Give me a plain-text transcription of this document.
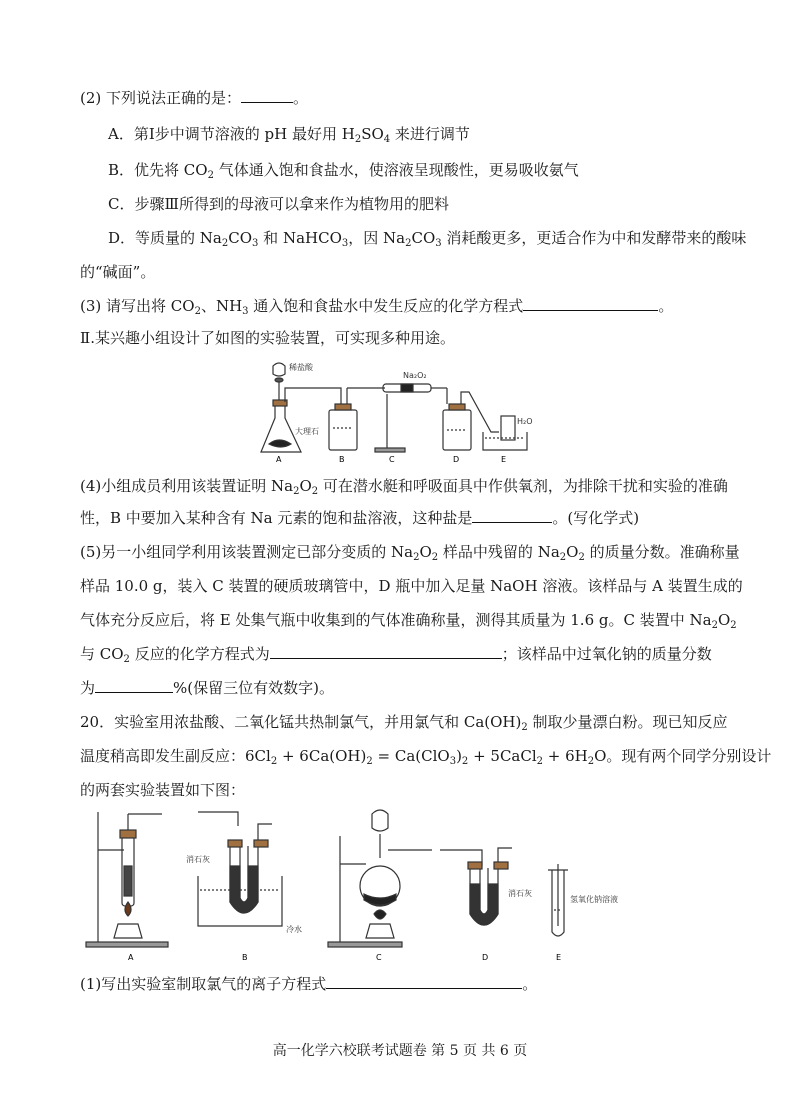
(2) 下列说法正确的是：	。
A．第Ⅰ步中调节溶液的 pH 最好用 $H_2SO_4$ 来进行调节
B．优先将 $CO_2$ 气体通入饱和食盐水，使溶液呈现酸性，更易吸收氨气
C．步骤Ⅲ所得到的母液可以拿来作为植物用的肥料
D．等质量的 $Na_2CO_3$ 和 NaHCO$_3$，因 $Na_2CO_3$ 消耗酸更多，更适合作为中和发酵带来的酸味
的“碱面”。
(3) 请写出将 $CO_2$、$NH_3$ 通入饱和食盐水中发生反应的化学方程式	。
Ⅱ.某兴趣小组设计了如图的实验装置，可实现多种用途。
稀盐酸
大理石
Na₂O₂
H₂O
A	B	C	D	E
(4)小组成员利用该装置证明 $Na_2O_2$ 可在潜水艇和呼吸面具中作供氧剂，为排除干扰和实验的准确
性，B 中要加入某种含有 Na 元素的饱和盐溶液，这种盐是	。(写化学式)
(5)另一小组同学利用该装置测定已部分变质的 $Na_2O_2$ 样品中残留的 $Na_2O_2$ 的质量分数。准确称量
样品 10.0 g，装入 C 装置的硬质玻璃管中，D 瓶中加入足量 NaOH 溶液。该样品与 A 装置生成的
气体充分反应后，将 E 处集气瓶中收集到的气体准确称量，测得其质量为 1.6 g。C 装置中 $Na_2O_2$
与 $CO_2$ 反应的化学方程式为	；该样品中过氧化钠的质量分数
为	%(保留三位有效数字)。
20．实验室用浓盐酸、二氧化锰共热制氯气，并用氯气和 $Ca(OH)_2$ 制取少量漂白粉。现已知反应
温度稍高即发生副反应：$6Cl_2 + 6Ca(OH)_2 = Ca(ClO_3)_2$ + 5CaCl$_2$ + $6H_2O$。现有两个同学分别设计
的两套实验装置如下图：
消石灰
冷水
消石灰
氢氧化钠溶液
A	B	C	D	E
(1)写出实验室制取氯气的离子方程式	。
高一化学六校联考试题卷 第 5 页 共 6 页
